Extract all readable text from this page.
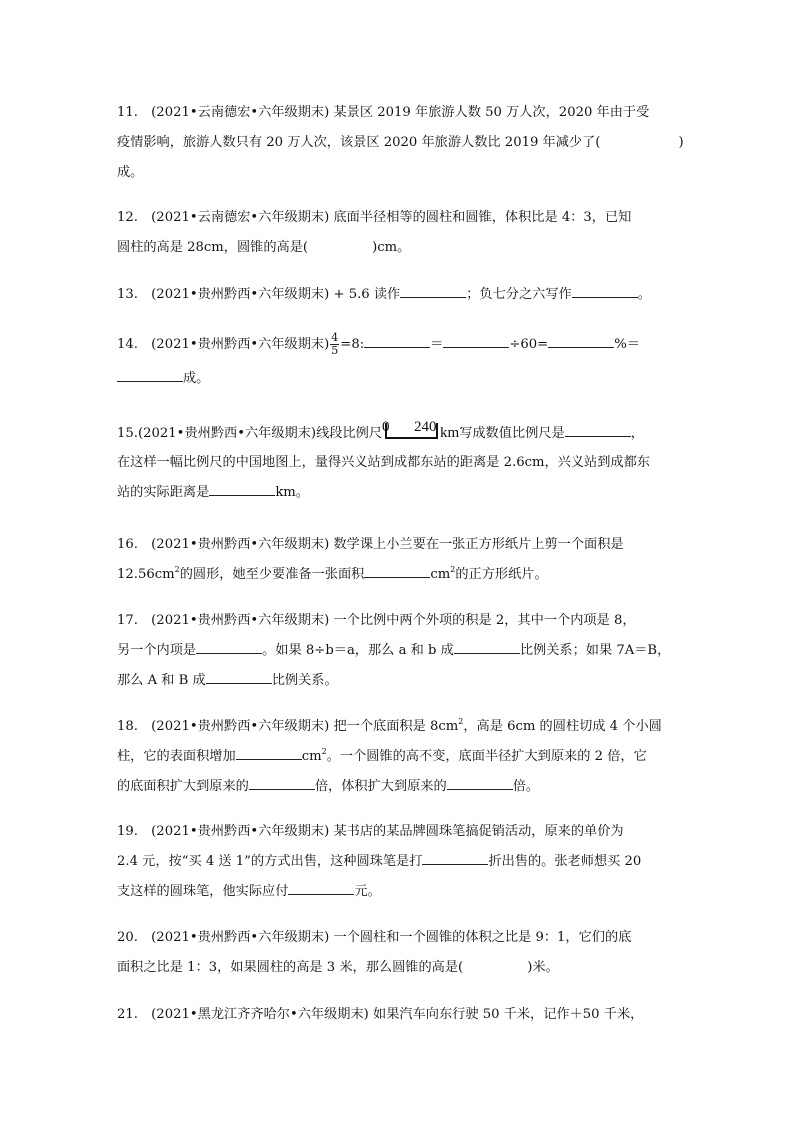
11.　(2021•云南德宏•六年级期末) 某景区 2019 年旅游人数 50 万人次，2020 年由于受
疫情影响，旅游人数只有 20 万人次，该景区 2020 年旅游人数比 2019 年减少了(	)
成。
12.　(2021•云南德宏•六年级期末) 底面半径相等的圆柱和圆锥，体积比是 4：3，已知
圆柱的高是 28cm，圆锥的高是(	)cm。
13.　(2021•贵州黔西•六年级期末) + 5.6 读作	；负七分之六写作	。
14.　(2021•贵州黔西•六年级期末) $\frac{4}{5} =8$:	＝	÷60=	%＝
成。
15.(2021•贵州黔西•六年级期末)线段比例尺 0 240 km写成数值比例尺是	，
在这样一幅比例尺的中国地图上，量得兴义站到成都东站的距离是 2.6cm，兴义站到成都东
站的实际距离是	km。
16.　(2021•贵州黔西•六年级期末) 数学课上小兰要在一张正方形纸片上剪一个面积是
$12.56cm^2$的圆形，她至少要准备一张面积	$cm^2$的正方形纸片。
17.　(2021•贵州黔西•六年级期末) 一个比例中两个外项的积是 2，其中一个内项是 8，
另一个内项是	。如果 8÷b＝a，那么 a 和 b 成	比例关系；如果 7A＝B，
那么 A 和 B 成	比例关系。
18.　(2021•贵州黔西•六年级期末) 把一个底面积是 $8cm^2$，高是 6cm 的圆柱切成 4 个小圆
柱，它的表面积增加	$cm^2$。一个圆锥的高不变，底面半径扩大到原来的 2 倍，它
的底面积扩大到原来的	倍，体积扩大到原来的	倍。
19.　(2021•贵州黔西•六年级期末) 某书店的某品牌圆珠笔搞促销活动，原来的单价为
2.4 元，按“买 4 送 1”的方式出售，这种圆珠笔是打	折出售的。张老师想买 20
支这样的圆珠笔，他实际应付	元。
20.　(2021•贵州黔西•六年级期末) 一个圆柱和一个圆锥的体积之比是 9：1，它们的底
面积之比是 1：3，如果圆柱的高是 3 米，那么圆锥的高是(	)米。
21.　(2021•黑龙江齐齐哈尔•六年级期末) 如果汽车向东行驶 50 千米，记作＋50 千米，
